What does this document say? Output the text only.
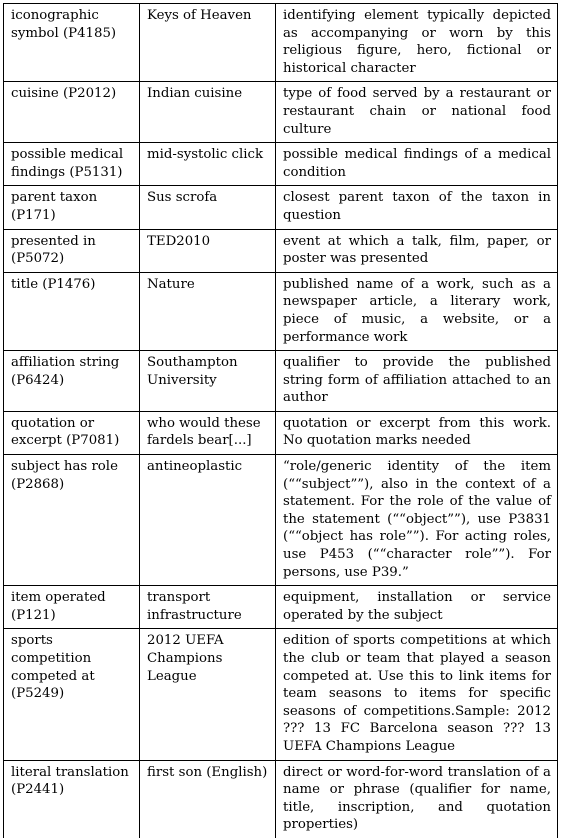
iconographic symbol (P4185)	Keys of Heaven	identifying element typically depicted as accompanying or worn by this religious figure, hero, fictional or historical character
cuisine (P2012)	Indian cuisine	type of food served by a restaurant or restaurant chain or national food culture
possible medical findings (P5131)	mid-systolic click	possible medical findings of a medical condition
parent taxon (P171)	Sus scrofa	closest parent taxon of the taxon in question
presented in (P5072)	TED2010	event at which a talk, film, paper, or poster was presented
title (P1476)	Nature	published name of a work, such as a newspaper article, a literary work, piece of music, a website, or a performance work
affiliation string (P6424)	Southampton University	qualifier to provide the published string form of affiliation attached to an author
quotation or excerpt (P7081)	who would these fardels bear[...]	quotation or excerpt from this work. No quotation marks needed
subject has role (P2868)	antineoplastic	“role/generic identity of the item (““subject””), also in the context of a statement. For the role of the value of the statement (““object””), use P3831 (““object has role””). For acting roles, use P453 (““character role””). For persons, use P39.”
item operated (P121)	transport infrastructure	equipment, installation or service operated by the subject
sports competition competed at (P5249)	2012 UEFA Champions League	edition of sports competitions at which the club or team that played a season competed at. Use this to link items for team seasons to items for specific seasons of competitions.Sample: 2012 ??? 13 FC Barcelona season ??? 13 UEFA Champions League
literal translation (P2441)	first son (English)	direct or word-for-word translation of a name or phrase (qualifier for name, title, inscription, and quotation properties)
